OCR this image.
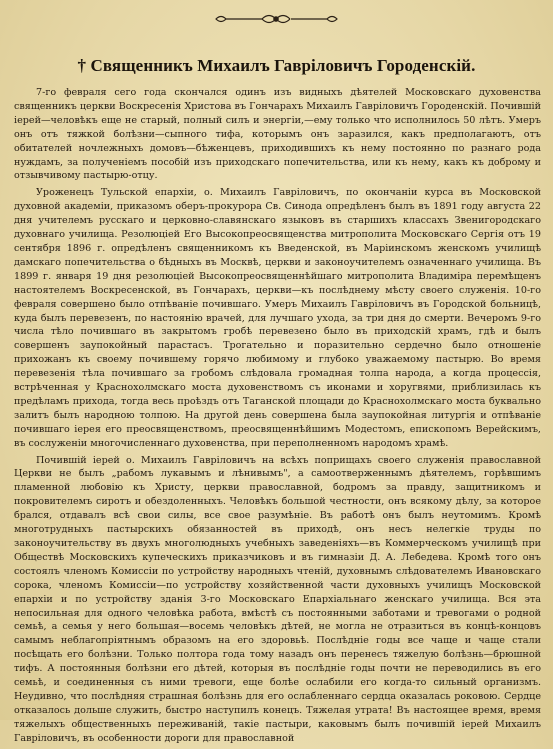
† Священникъ Михаилъ Гавріловичъ Городенскій.

7-го февраля сего года скончался одинъ изъ видныхъ дѣятелей Московскаго духовенства священникъ церкви Воскресенія Христова въ Гончарахъ Михаилъ Гавріловичъ Городенскій. Почившій іерей—человѣкъ еще не старый, полный силъ и энергіи,—ему только что исполнилось 50 лѣтъ. Умеръ онъ отъ тяжкой болѣзни—сыпного тифа, которымъ онъ заразился, какъ предполагаютъ, отъ обитателей ночлежныхъ домовъ—бѣженцевъ, приходившихъ къ нему постоянно по разнаго рода нуждамъ, за полученіемъ пособій изъ приходскаго попечительства, или къ нему, какъ къ доброму и отзывчивому пастырю-отцу.

Уроженецъ Тульской епархіи, о. Михаилъ Гавріловичъ, по окончаніи курса въ Московской духовной академіи, приказомъ оберъ-прокурора Св. Синода опредѣленъ былъ въ 1891 году августа 22 дня учителемъ русскаго и церковно-славянскаго языковъ въ старшихъ классахъ Звенигородскаго духовнаго училища. Резолюціей Его Высокопреосвященства митрополита Московскаго Сергія отъ 19 сентября 1896 г. опредѣленъ священникомъ къ Введенской, въ Маріинскомъ женскомъ училищѣ дамскаго попечительства о бѣдныхъ въ Москвѣ, церкви и законоучителемъ означеннаго училища. Въ 1899 г. января 19 дня резолюціей Высокопреосвященнѣйшаго митрополита Владиміра перемѣщенъ настоятелемъ Воскресенской, въ Гончарахъ, церкви—къ послѣднему мѣсту своего служенія. 10-го февраля совершено было отпѣваніе почившаго. Умеръ Михаилъ Гавріловичъ въ Городской больницѣ, куда былъ перевезенъ, по настоянію врачей, для лучшаго ухода, за три дня до смерти. Вечеромъ 9-го числа тѣло почившаго въ закрытомъ гробѣ перевезено было въ приходскій храмъ, гдѣ и былъ совершенъ заупокойный парастасъ. Трогательно и поразительно сердечно было отношеніе прихожанъ къ своему почившему горячо любимому и глубоко уважаемому пастырю. Во время перевезенія тѣла почившаго за гробомъ слѣдовала громадная толпа народа, а когда процессія, встрѣченная у Краснохолмскаго моста духовенствомъ съ иконами и хоругвями, приблизилась къ предѣламъ прихода, тогда весь проѣздъ отъ Таганской площади до Краснохолмскаго моста буквально залитъ былъ народною толпою. На другой день совершена была заупокойная литургія и отпѣваніе почившаго іерея его преосвященствомъ, преосвященнѣйшимъ Модестомъ, епископомъ Верейскимъ, въ сослуженіи многочисленнаго духовенства, при переполненномъ народомъ храмѣ.

Почившій іерей о. Михаилъ Гавріловичъ на всѣхъ поприщахъ своего служенія православной Церкви не былъ „рабомъ лукавымъ и лѣнивымъ", а самоотверженнымъ дѣятелемъ, горѣвшимъ пламенной любовію къ Христу, церкви православной, бодромъ за правду, защитникомъ и покровителемъ сиротъ и обездоленныхъ. Человѣкъ большой честности, онъ всякому дѣлу, за которое брался, отдавалъ всѣ свои силы, все свое разумѣніе. Въ работѣ онъ былъ неутомимъ. Кромѣ многотрудныхъ пастырскихъ обязанностей въ приходѣ, онъ несъ нелегкіе труды по законоучительству въ двухъ многолюдныхъ учебныхъ заведеніяхъ—въ Коммерческомъ училищѣ при Обществѣ Московскихъ купеческихъ приказчиковъ и въ гимназіи Д. А. Лебедева. Кромѣ того онъ состоялъ членомъ Комиссіи по устройству народныхъ чтеній, духовнымъ слѣдователемъ Ивановскаго сорока, членомъ Комиссіи—по устройству хозяйственной части духовныхъ училищъ Московской епархіи и по устройству зданія 3-го Московскаго Епархіальнаго женскаго училища. Вся эта непосильная для одного человѣка работа, вмѣстѣ съ постоянными заботами и тревогами о родной семьѣ, а семья у него большая—восемь человѣкъ дѣтей, не могла не отразиться въ концѣ-концовъ самымъ неблагопріятнымъ образомъ на его здоровьѣ. Послѣдніе годы все чаще и чаще стали посѣщать его болѣзни. Только полтора года тому назадъ онъ перенесъ тяжелую болѣзнь—брюшной тифъ. А постоянныя болѣзни его дѣтей, которыя въ послѣдніе годы почти не переводились въ его семьѣ, и соединенныя съ ними тревоги, еще болѣе ослабили его когда-то сильный организмъ. Неудивно, что послѣдняя страшная болѣзнь для его ослабленнаго сердца оказалась роковою. Сердце отказалось дольше служить, быстро наступилъ конецъ. Тяжелая утрата! Въ настоящее время, время тяжелыхъ общественныхъ переживаній, такіе пастыри, каковымъ былъ почившій іерей Михаилъ Гавріловичъ, въ особенности дороги для православной
